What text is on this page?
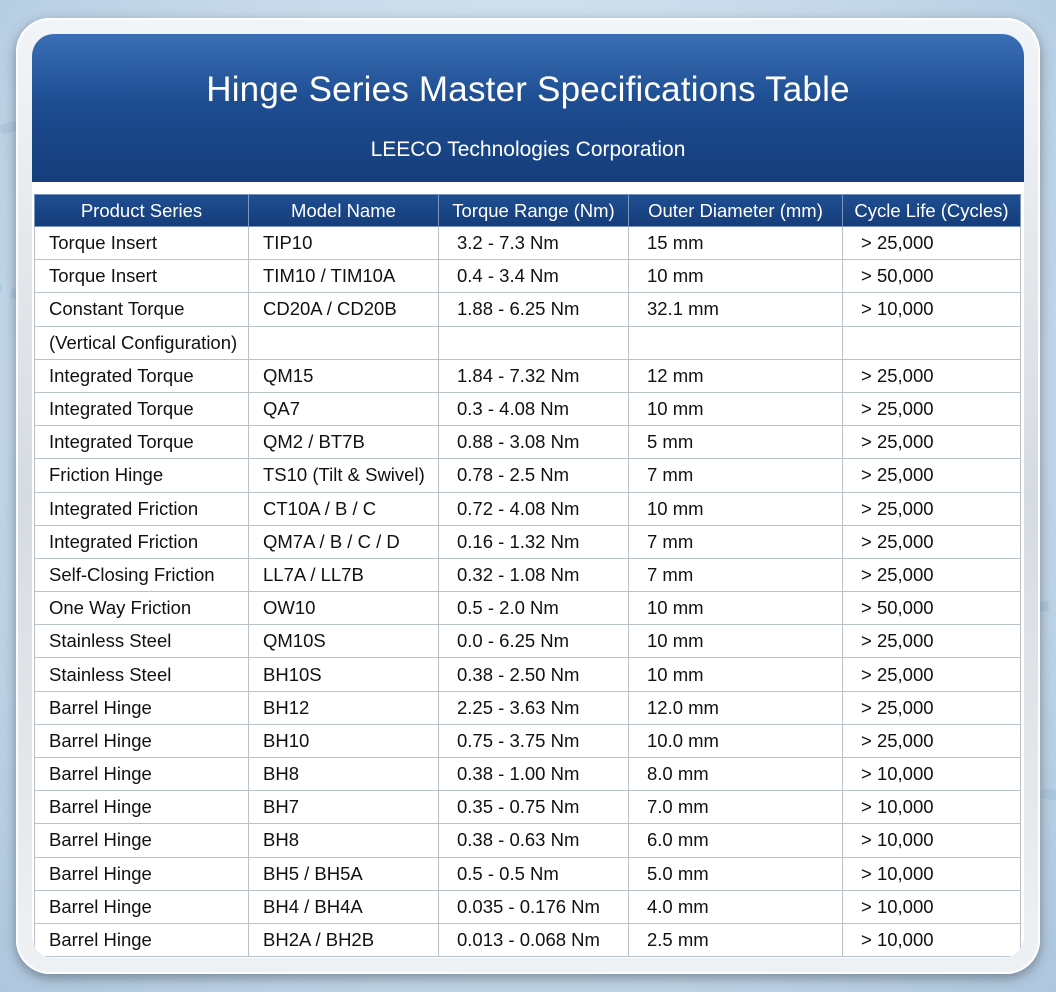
Hinge Series Master Specifications Table
LEECO Technologies Corporation
Product Series	Model Name	Torque Range (Nm)	Outer Diameter (mm)	Cycle Life (Cycles)
Torque Insert	TIP10	3.2 - 7.3 Nm	15 mm	> 25,000
Torque Insert	TIM10 / TIM10A	0.4 - 3.4 Nm	10 mm	> 50,000
Constant Torque	CD20A / CD20B	1.88 - 6.25 Nm	32.1 mm	> 10,000
(Vertical Configuration)				
Integrated Torque	QM15	1.84 - 7.32 Nm	12 mm	> 25,000
Integrated Torque	QA7	0.3 - 4.08 Nm	10 mm	> 25,000
Integrated Torque	QM2 / BT7B	0.88 - 3.08 Nm	5 mm	> 25,000
Friction Hinge	TS10 (Tilt & Swivel)	0.78 - 2.5 Nm	7 mm	> 25,000
Integrated Friction	CT10A / B / C	0.72 - 4.08 Nm	10 mm	> 25,000
Integrated Friction	QM7A / B / C / D	0.16 - 1.32 Nm	7 mm	> 25,000
Self-Closing Friction	LL7A / LL7B	0.32 - 1.08 Nm	7 mm	> 25,000
One Way Friction	OW10	0.5 - 2.0 Nm	10 mm	> 50,000
Stainless Steel	QM10S	0.0 - 6.25 Nm	10 mm	> 25,000
Stainless Steel	BH10S	0.38 - 2.50 Nm	10 mm	> 25,000
Barrel Hinge	BH12	2.25 - 3.63 Nm	12.0 mm	> 25,000
Barrel Hinge	BH10	0.75 - 3.75 Nm	10.0 mm	> 25,000
Barrel Hinge	BH8	0.38 - 1.00 Nm	8.0 mm	> 10,000
Barrel Hinge	BH7	0.35 - 0.75 Nm	7.0 mm	> 10,000
Barrel Hinge	BH8	0.38 - 0.63 Nm	6.0 mm	> 10,000
Barrel Hinge	BH5 / BH5A	0.5 - 0.5 Nm	5.0 mm	> 10,000
Barrel Hinge	BH4 / BH4A	0.035 - 0.176 Nm	4.0 mm	> 10,000
Barrel Hinge	BH2A / BH2B	0.013 - 0.068 Nm	2.5 mm	> 10,000
